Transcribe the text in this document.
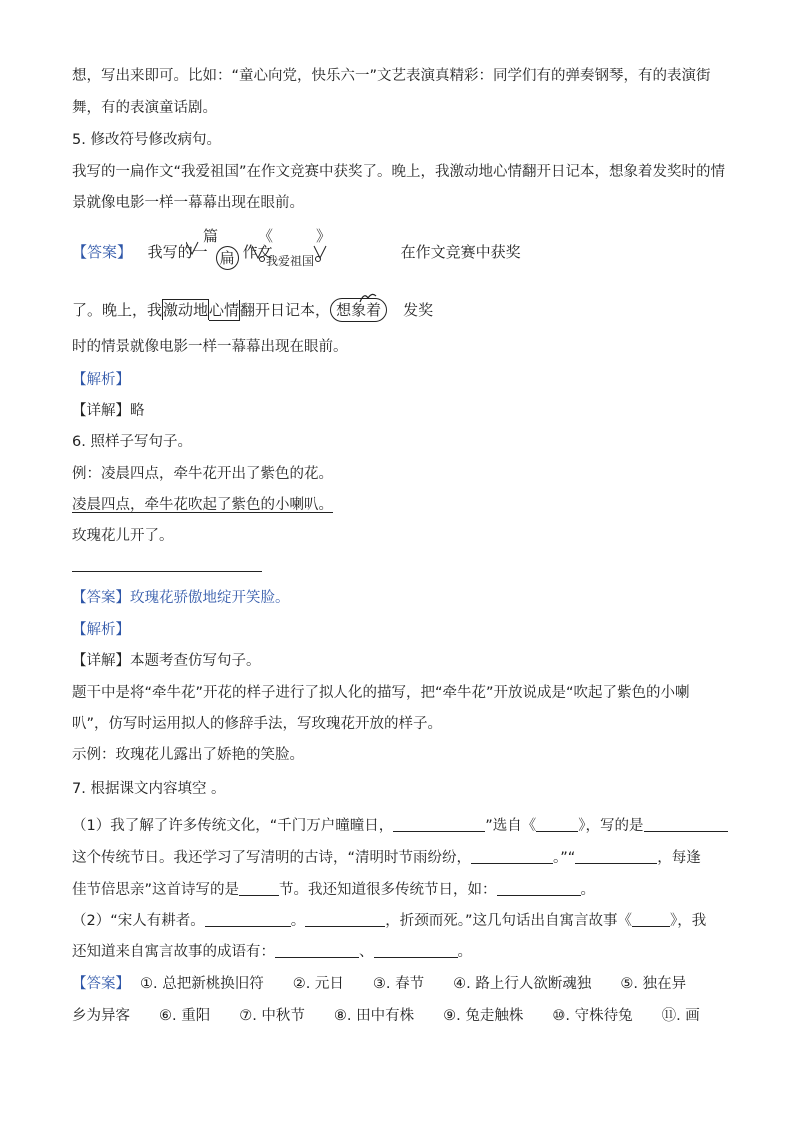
想，写出来即可。比如：“童心向党，快乐六一”文艺表演真精彩：同学们有的弹奏钢琴，有的表演街
舞，有的表演童话剧。
5. 修改符号修改病句。
我写的一扁作文“我爱祖国”在作文竞赛中获奖了。晚上，我激动地心情翻开日记本，想象着发奖时的情
景就像电影一样一幕幕出现在眼前。
【答案】 我写的一 扁 作文	在作文竞赛中获奖
篇	《
我爱祖国
》
了。晚上，我激动地心情翻开日记本， 想象着 发奖
时的情景就像电影一样一幕幕出现在眼前。
【解析】
【详解】略
6. 照样子写句子。
例：凌晨四点，牵牛花开出了紫色的花。
凌晨四点，牵牛花吹起了紫色的小喇叭。
玫瑰花儿开了。
【答案】玫瑰花骄傲地绽开笑脸。
【解析】
【详解】本题考查仿写句子。
题干中是将“牵牛花”开花的样子进行了拟人化的描写，把“牵牛花”开放说成是“吹起了紫色的小喇
叭”，仿写时运用拟人的修辞手法，写玫瑰花开放的样子。
示例：玫瑰花儿露出了娇艳的笑脸。
7. 根据课文内容填空 。
（1）我了解了许多传统文化，“千门万户曈曈日，	”选自《	》，写的是
这个传统节日。我还学习了写清明的古诗，“清明时节雨纷纷，	。”“	，每逢
佳节倍思亲”这首诗写的是	节。我还知道很多传统节日，如：	。
（2）“宋人有耕者。	。	，折颈而死。”这几句话出自寓言故事《	》，我
还知道来自寓言故事的成语有：	、	。
【答案】 ①. 总把新桃换旧符　　②. 元日　　③. 春节　　④. 路上行人欲断魂独　　⑤. 独在异
乡为异客　　⑥. 重阳　　⑦. 中秋节　　⑧. 田中有株　　⑨. 兔走触株　　⑩. 守株待兔　　⑪. 画
